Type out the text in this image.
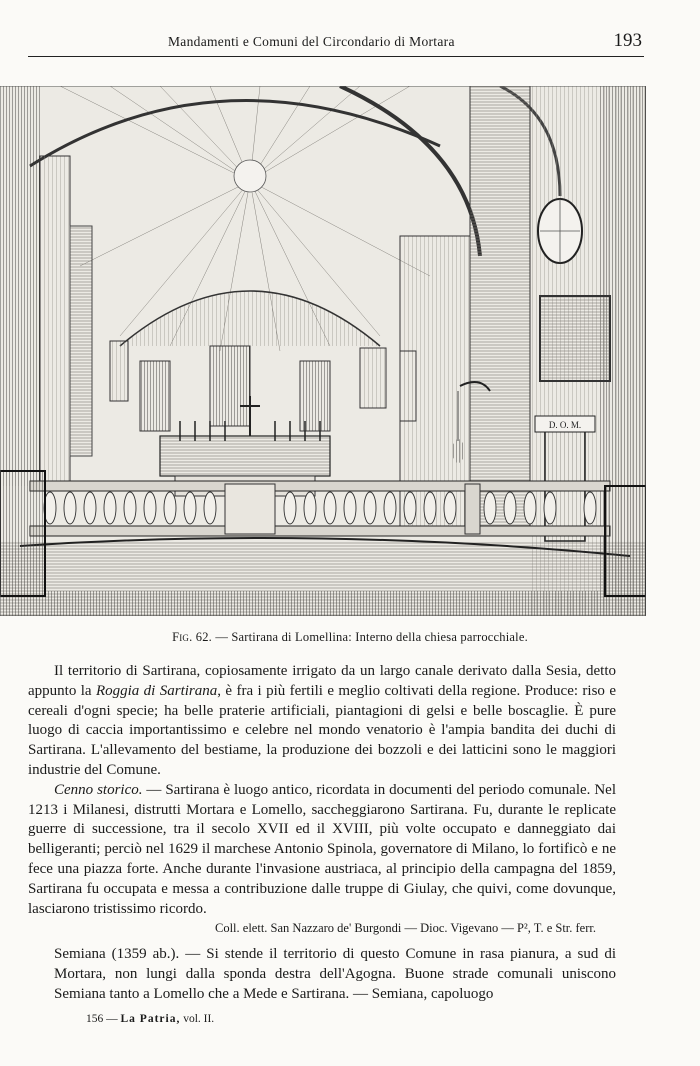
Mandamenti e Comuni del Circondario di Mortara	193
D. O. M.
Fig. 62. — Sartirana di Lomellina: Interno della chiesa parrocchiale.

Il territorio di Sartirana, copiosamente irrigato da un largo canale derivato dalla Sesia, detto appunto la Roggia di Sartirana, è fra i più fertili e meglio coltivati della regione. Produce: riso e cereali d'ogni specie; ha belle praterie artificiali, piantagioni di gelsi e belle boscaglie. È pure luogo di caccia importantissimo e celebre nel mondo venatorio è l'ampia bandita dei duchi di Sartirana. L'allevamento del bestiame, la produzione dei bozzoli e dei latticini sono le maggiori industrie del Comune.

Cenno storico. — Sartirana è luogo antico, ricordata in documenti del periodo comunale. Nel 1213 i Milanesi, distrutti Mortara e Lomello, saccheggiarono Sartirana. Fu, durante le replicate guerre di successione, tra il secolo XVII ed il XVIII, più volte occupato e danneggiato dai belligeranti; perciò nel 1629 il marchese Antonio Spinola, governatore di Milano, lo fortificò e ne fece una piazza forte. Anche durante l'invasione austriaca, al principio della campagna del 1859, Sartirana fu occupata e messa a contribuzione dalle truppe di Giulay, che quivi, come dovunque, lasciarono tristissimo ricordo.

Coll. elett. San Nazzaro de' Burgondi — Dioc. Vigevano — P², T. e Str. ferr.

Semiana (1359 ab.). — Si stende il territorio di questo Comune in rasa pianura, a sud di Mortara, non lungi dalla sponda destra dell'Agogna. Buone strade comunali uniscono Semiana tanto a Lomello che a Mede e Sartirana. — Semiana, capoluogo

156 — La Patria, vol. II.
